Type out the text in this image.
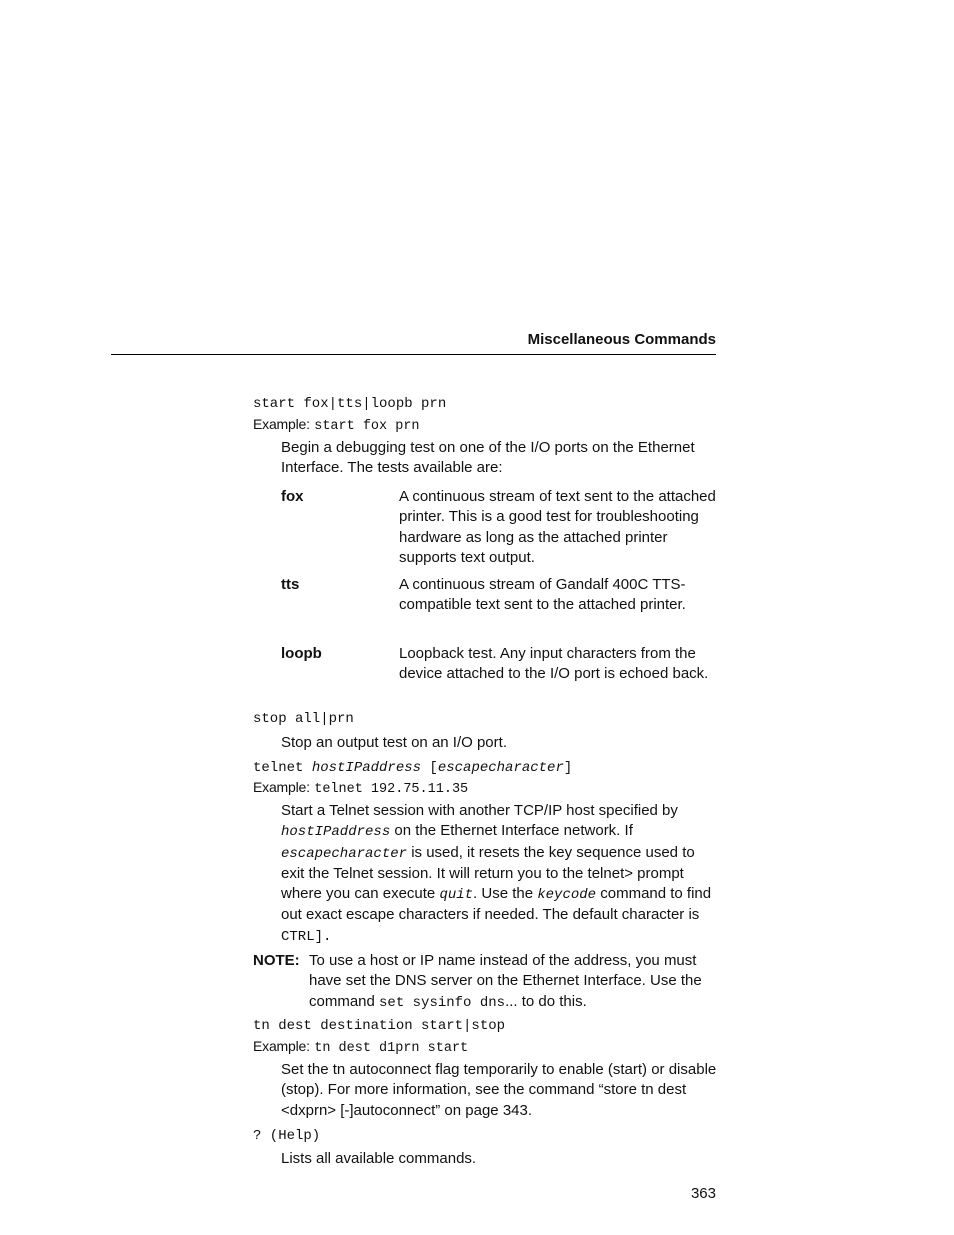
Miscellaneous Commands
start fox|tts|loopb prn
Example: start fox prn
Begin a debugging test on one of the I/O ports on the Ethernet Interface. The tests available are:
fox	A continuous stream of text sent to the attached printer. This is a good test for troubleshooting hardware as long as the attached printer supports text output.
tts	A continuous stream of Gandalf 400C TTS-compatible text sent to the attached printer.
loopb	Loopback test. Any input characters from the device attached to the I/O port is echoed back.
stop all|prn
Stop an output test on an I/O port.
telnet hostIPaddress [escapecharacter]
Example: telnet 192.75.11.35
Start a Telnet session with another TCP/IP host specified by hostIPaddress on the Ethernet Interface network. If escapecharacter is used, it resets the key sequence used to exit the Telnet session. It will return you to the telnet> prompt where you can execute quit. Use the keycode command to find out exact escape characters if needed. The default character is CTRL].
NOTE: To use a host or IP name instead of the address, you must have set the DNS server on the Ethernet Interface. Use the command set sysinfo dns... to do this.
tn dest destination start|stop
Example: tn dest d1prn start
Set the tn autoconnect flag temporarily to enable (start) or disable (stop). For more information, see the command “store tn dest <dxprn> [-]autoconnect” on page 343.
? (Help)
Lists all available commands.
363
